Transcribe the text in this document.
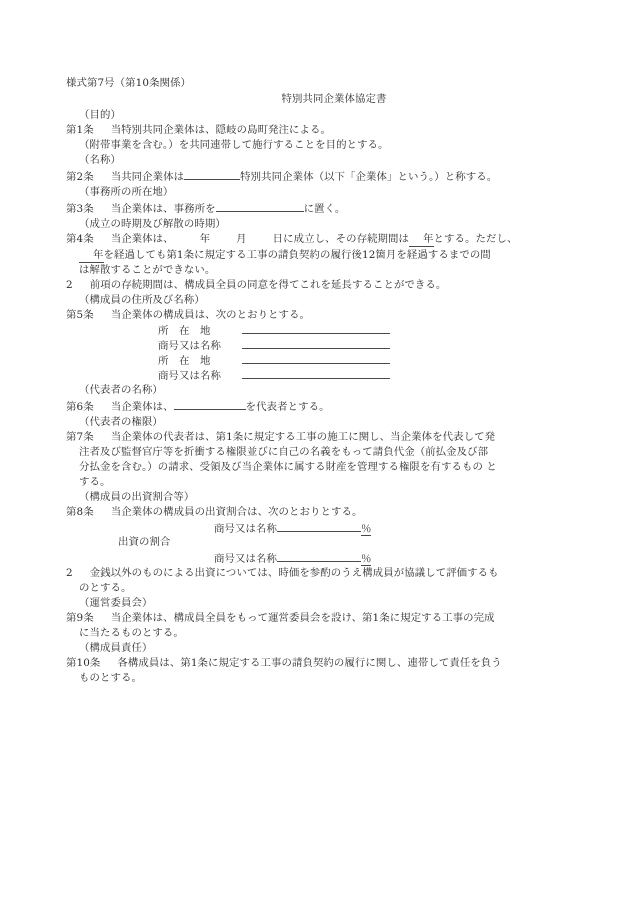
様式第7号（第10条関係）
特別共同企業体協定書
（目的）
第1条 当特別共同企業体は、隠岐の島町発注による。
（附帯事業を含む。）を共同連帯して施行することを目的とする。
（名称）
第2条 当共同企業体は	特別共同企業体（以下「企業体」という。）と称する。
（事務所の所在地）
第3条 当企業体は、事務所を	に置く。
（成立の時期及び解散の時期）
第4条 当企業体は、	年	月	日に成立し、その存続期間は 年とする。ただし、
年を経過しても第1条に規定する工事の請負契約の履行後12箇月を経過するまでの間
は解散することができない。
2 前項の存続期間は、構成員全員の同意を得てこれを延長することができる。
（構成員の住所及び名称）
第5条 当企業体の構成員は、次のとおりとする。
所　在　地
商号又は名称
所　在　地
商号又は名称
（代表者の名称）
第6条 当企業体は、	を代表者とする。
（代表者の権限）
第7条 当企業体の代表者は、第1条に規定する工事の施工に関し、当企業体を代表して発
注者及び監督官庁等を折衝する権限並びに自己の名義をもって請負代金（前払金及び部
分払金を含む。）の請求、受領及び当企業体に属する財産を管理する権限を有するもの と
する。
（構成員の出資割合等）
第8条 当企業体の構成員の出資割合は、次のとおりとする。
商号又は名称	％
出資の割合
商号又は名称	％
2 金銭以外のものによる出資については、時価を参酌のうえ構成員が協議して評価するも
のとする。
（運営委員会）
第9条 当企業体は、構成員全員をもって運営委員会を設け、第1条に規定する工事の完成
に当たるものとする。
（構成員責任）
第10条 各構成員は、第1条に規定する工事の請負契約の履行に関し、連帯して責任を負う
ものとする。
